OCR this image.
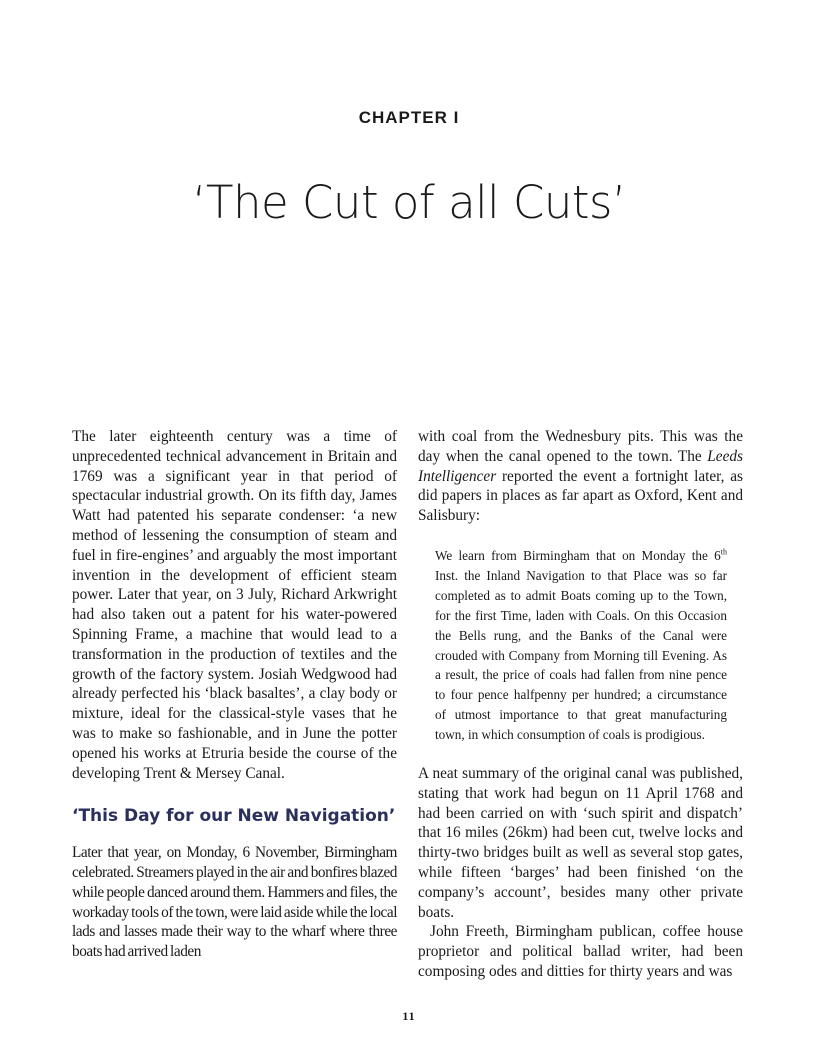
CHAPTER I
‘The Cut of all Cuts’

The later eighteenth century was a time of unprecedented technical advancement in Britain and 1769 was a significant year in that period of spectacular industrial growth. On its fifth day, James Watt had patented his separate condenser: ‘a new method of lessening the consumption of steam and fuel in fire-engines’ and arguably the most important invention in the development of efficient steam power. Later that year, on 3 July, Richard Arkwright had also taken out a patent for his water-powered Spinning Frame, a machine that would lead to a transformation in the production of textiles and the growth of the factory system. Josiah Wedgwood had already perfected his ‘black basaltes’, a clay body or mixture, ideal for the classical-style vases that he was to make so fashionable, and in June the potter opened his works at Etruria beside the course of the developing Trent & Mersey Canal.

‘This Day for our New Navigation’

Later that year, on Monday, 6 November, Birmingham celebrated. Streamers played in the air and bonfires blazed while people danced around them. Hammers and files, the workaday tools of the town, were laid aside while the local lads and lasses made their way to the wharf where three boats had arrived laden

with coal from the Wednesbury pits. This was the day when the canal opened to the town. The Leeds Intelligencer reported the event a fortnight later, as did papers in places as far apart as Oxford, Kent and Salisbury:

We learn from Birmingham that on Monday the 6th Inst. the Inland Navigation to that Place was so far completed as to admit Boats coming up to the Town, for the first Time, laden with Coals. On this Occasion the Bells rung, and the Banks of the Canal were crouded with Company from Morning till Evening. As a result, the price of coals had fallen from nine pence to four pence halfpenny per hundred; a circumstance of utmost importance to that great manufacturing town, in which consumption of coals is prodigious.

A neat summary of the original canal was published, stating that work had begun on 11 April 1768 and had been carried on with ‘such spirit and dispatch’ that 16 miles (26km) had been cut, twelve locks and thirty-two bridges built as well as several stop gates, while fifteen ‘barges’ had been finished ‘on the company’s account’, besides many other private boats.

John Freeth, Birmingham publican, coffee house proprietor and political ballad writer, had been composing odes and ditties for thirty years and was

11
